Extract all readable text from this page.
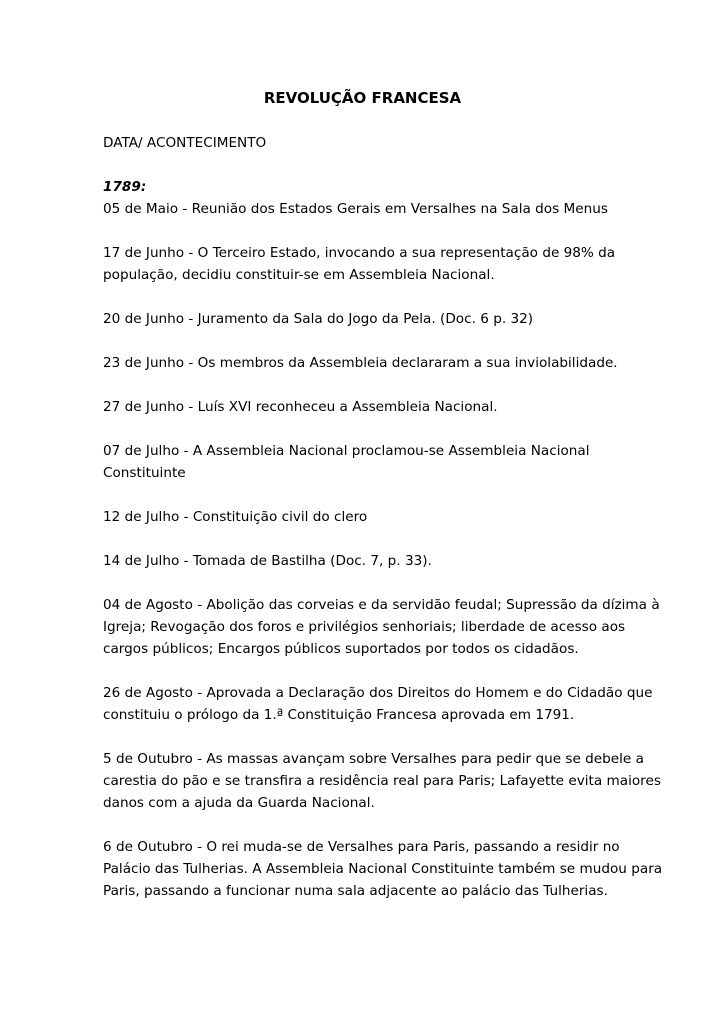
REVOLUÇÃO FRANCESA
DATA/ ACONTECIMENTO
1789:
05 de Maio - Reunião dos Estados Gerais em Versalhes na Sala dos Menus
17 de Junho - O Terceiro Estado, invocando a sua representação de 98% da
população, decidiu constituir-se em Assembleia Nacional.
20 de Junho - Juramento da Sala do Jogo da Pela. (Doc. 6 p. 32)
23 de Junho - Os membros da Assembleia declararam a sua inviolabilidade.
27 de Junho - Luís XVI reconheceu a Assembleia Nacional.
07 de Julho - A Assembleia Nacional proclamou-se Assembleia Nacional
Constituinte
12 de Julho - Constituição civil do clero
14 de Julho - Tomada de Bastilha (Doc. 7, p. 33).
04 de Agosto - Abolição das corveias e da servidão feudal; Supressão da dízima à
Igreja; Revogação dos foros e privilégios senhoriais; liberdade de acesso aos
cargos públicos; Encargos públicos suportados por todos os cidadãos.
26 de Agosto - Aprovada a Declaração dos Direitos do Homem e do Cidadão que
constituiu o prólogo da 1.ª Constituição Francesa aprovada em 1791.
5 de Outubro - As massas avançam sobre Versalhes para pedir que se debele a
carestia do pão e se transfira a residência real para Paris; Lafayette evita maiores
danos com a ajuda da Guarda Nacional.
6 de Outubro - O rei muda-se de Versalhes para Paris, passando a residir no
Palácio das Tulherias. A Assembleia Nacional Constituinte também se mudou para
Paris, passando a funcionar numa sala adjacente ao palácio das Tulherias.
